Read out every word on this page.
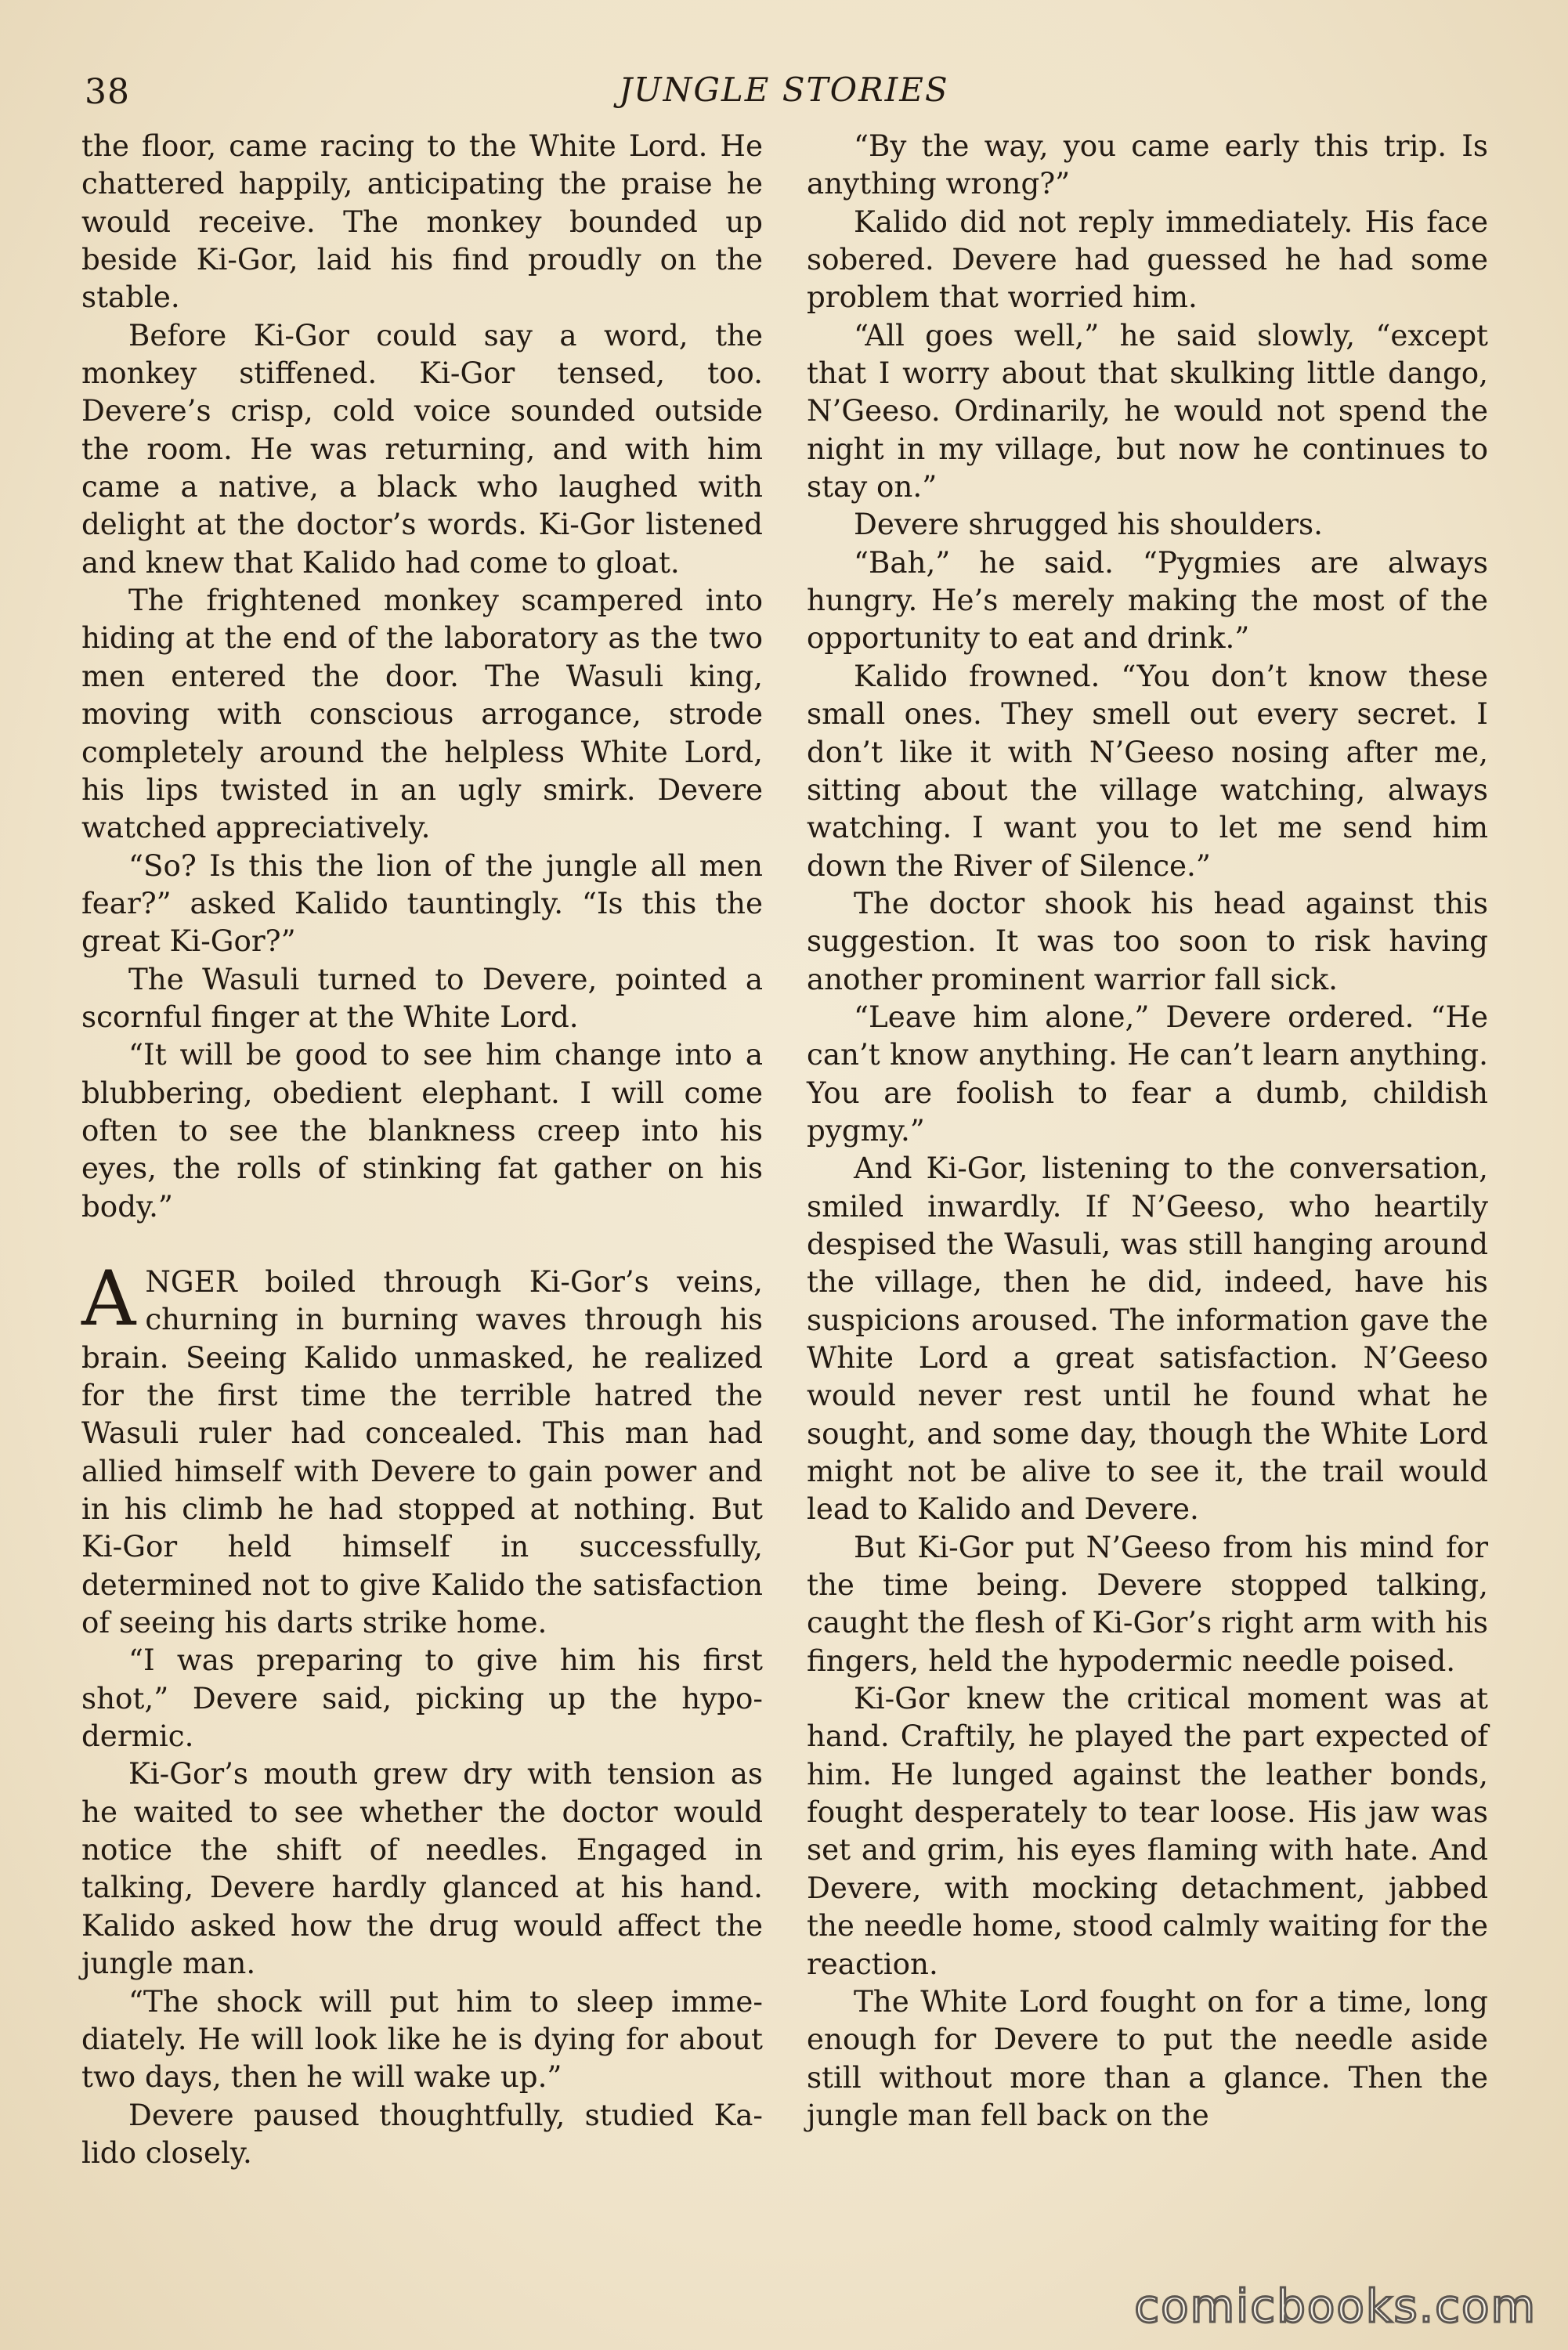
38	JUNGLE STORIES

the floor, came racing to the White Lord. He chattered happily, anticipating the praise he would receive. The monkey bounded up beside Ki-Gor, laid his find proudly on the stable.

Before Ki-Gor could say a word, the monkey stiffened. Ki-Gor tensed, too. Devere’s crisp, cold voice sounded outside the room. He was returning, and with him came a native, a black who laughed with delight at the doctor’s words. Ki-Gor listened and knew that Kalido had come to gloat.

The frightened monkey scampered into hiding at the end of the laboratory as the two men entered the door. The Wasuli king, moving with conscious arrogance, strode completely around the helpless White Lord, his lips twisted in an ugly smirk. Devere watched appreciatively.

“So? Is this the lion of the jungle all men fear?” asked Kalido tauntingly. “Is this the great Ki-Gor?”

The Wasuli turned to Devere, pointed a scornful finger at the White Lord.

“It will be good to see him change into a blubbering, obedient elephant. I will come often to see the blankness creep into his eyes, the rolls of stinking fat gather on his body.”

ANGER boiled through Ki-Gor’s veins, churning in burning waves through his brain. Seeing Kalido unmasked, he realized for the first time the terrible hatred the Wasuli ruler had concealed. This man had allied himself with Devere to gain power and in his climb he had stopped at nothing. But Ki-Gor held himself in successfully, determined not to give Kalido the satisfaction of seeing his darts strike home.

“I was preparing to give him his first shot,” Devere said, picking up the hypodermic.

Ki-Gor’s mouth grew dry with tension as he waited to see whether the doctor would notice the shift of needles. Engaged in talking, Devere hardly glanced at his hand. Kalido asked how the drug would affect the jungle man.

“The shock will put him to sleep immediately. He will look like he is dying for about two days, then he will wake up.”

Devere paused thoughtfully, studied Kalido closely.

“By the way, you came early this trip. Is anything wrong?”

Kalido did not reply immediately. His face sobered. Devere had guessed he had some problem that worried him.

“All goes well,” he said slowly, “except that I worry about that skulking little dango, N’Geeso. Ordinarily, he would not spend the night in my village, but now he continues to stay on.”

Devere shrugged his shoulders.

“Bah,” he said. “Pygmies are always hungry. He’s merely making the most of the opportunity to eat and drink.”

Kalido frowned. “You don’t know these small ones. They smell out every secret. I don’t like it with N’Geeso nosing after me, sitting about the village watching, always watching. I want you to let me send him down the River of Silence.”

The doctor shook his head against this suggestion. It was too soon to risk having another prominent warrior fall sick.

“Leave him alone,” Devere ordered. “He can’t know anything. He can’t learn anything. You are foolish to fear a dumb, childish pygmy.”

And Ki-Gor, listening to the conversation, smiled inwardly. If N’Geeso, who heartily despised the Wasuli, was still hanging around the village, then he did, indeed, have his suspicions aroused. The information gave the White Lord a great satisfaction. N’Geeso would never rest until he found what he sought, and some day, though the White Lord might not be alive to see it, the trail would lead to Kalido and Devere.

But Ki-Gor put N’Geeso from his mind for the time being. Devere stopped talking, caught the flesh of Ki-Gor’s right arm with his fingers, held the hypodermic needle poised.

Ki-Gor knew the critical moment was at hand. Craftily, he played the part expected of him. He lunged against the leather bonds, fought desperately to tear loose. His jaw was set and grim, his eyes flaming with hate. And Devere, with mocking detachment, jabbed the needle home, stood calmly waiting for the reaction.

The White Lord fought on for a time, long enough for Devere to put the needle aside still without more than a glance. Then the jungle man fell back on the

comicbooks.com
